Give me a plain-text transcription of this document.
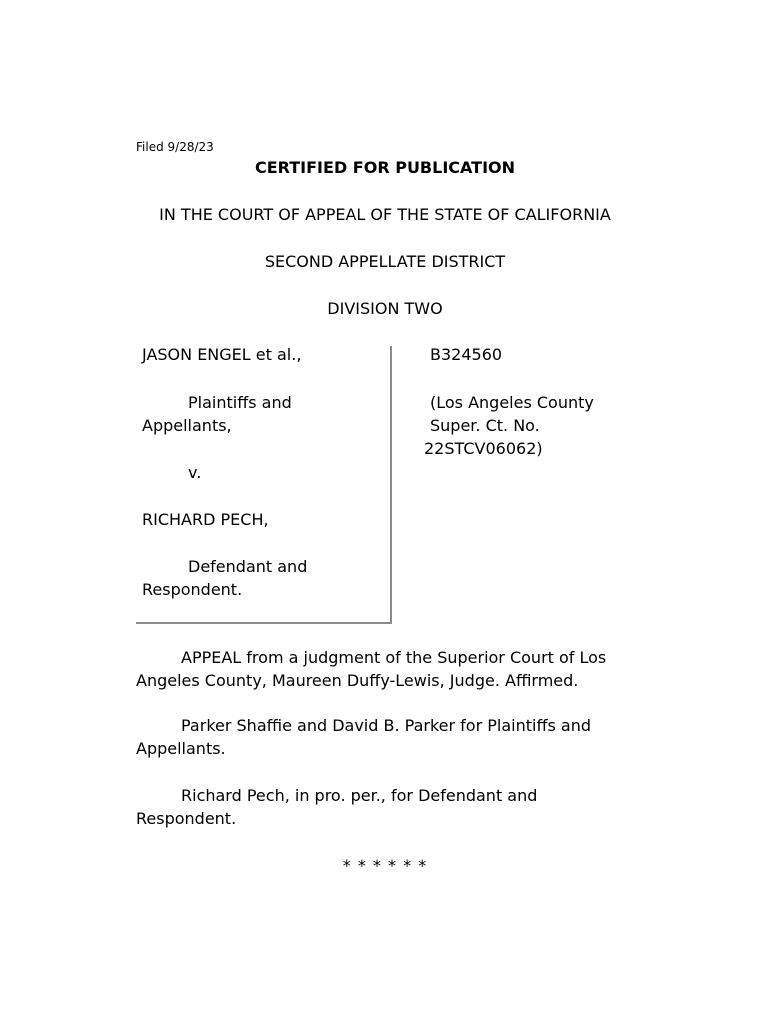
Filed 9/28/23
CERTIFIED FOR PUBLICATION
IN THE COURT OF APPEAL OF THE STATE OF CALIFORNIA
SECOND APPELLATE DISTRICT
DIVISION TWO
JASON ENGEL et al.,
Plaintiffs and
Appellants,
v.
RICHARD PECH,
Defendant and
Respondent.
B324560
(Los Angeles County
Super. Ct. No.
22STCV06062)
APPEAL from a judgment of the Superior Court of Los
Angeles County, Maureen Duffy-Lewis, Judge. Affirmed.
Parker Shaffie and David B. Parker for Plaintiffs and
Appellants.
Richard Pech, in pro. per., for Defendant and
Respondent.
* * * * * *
